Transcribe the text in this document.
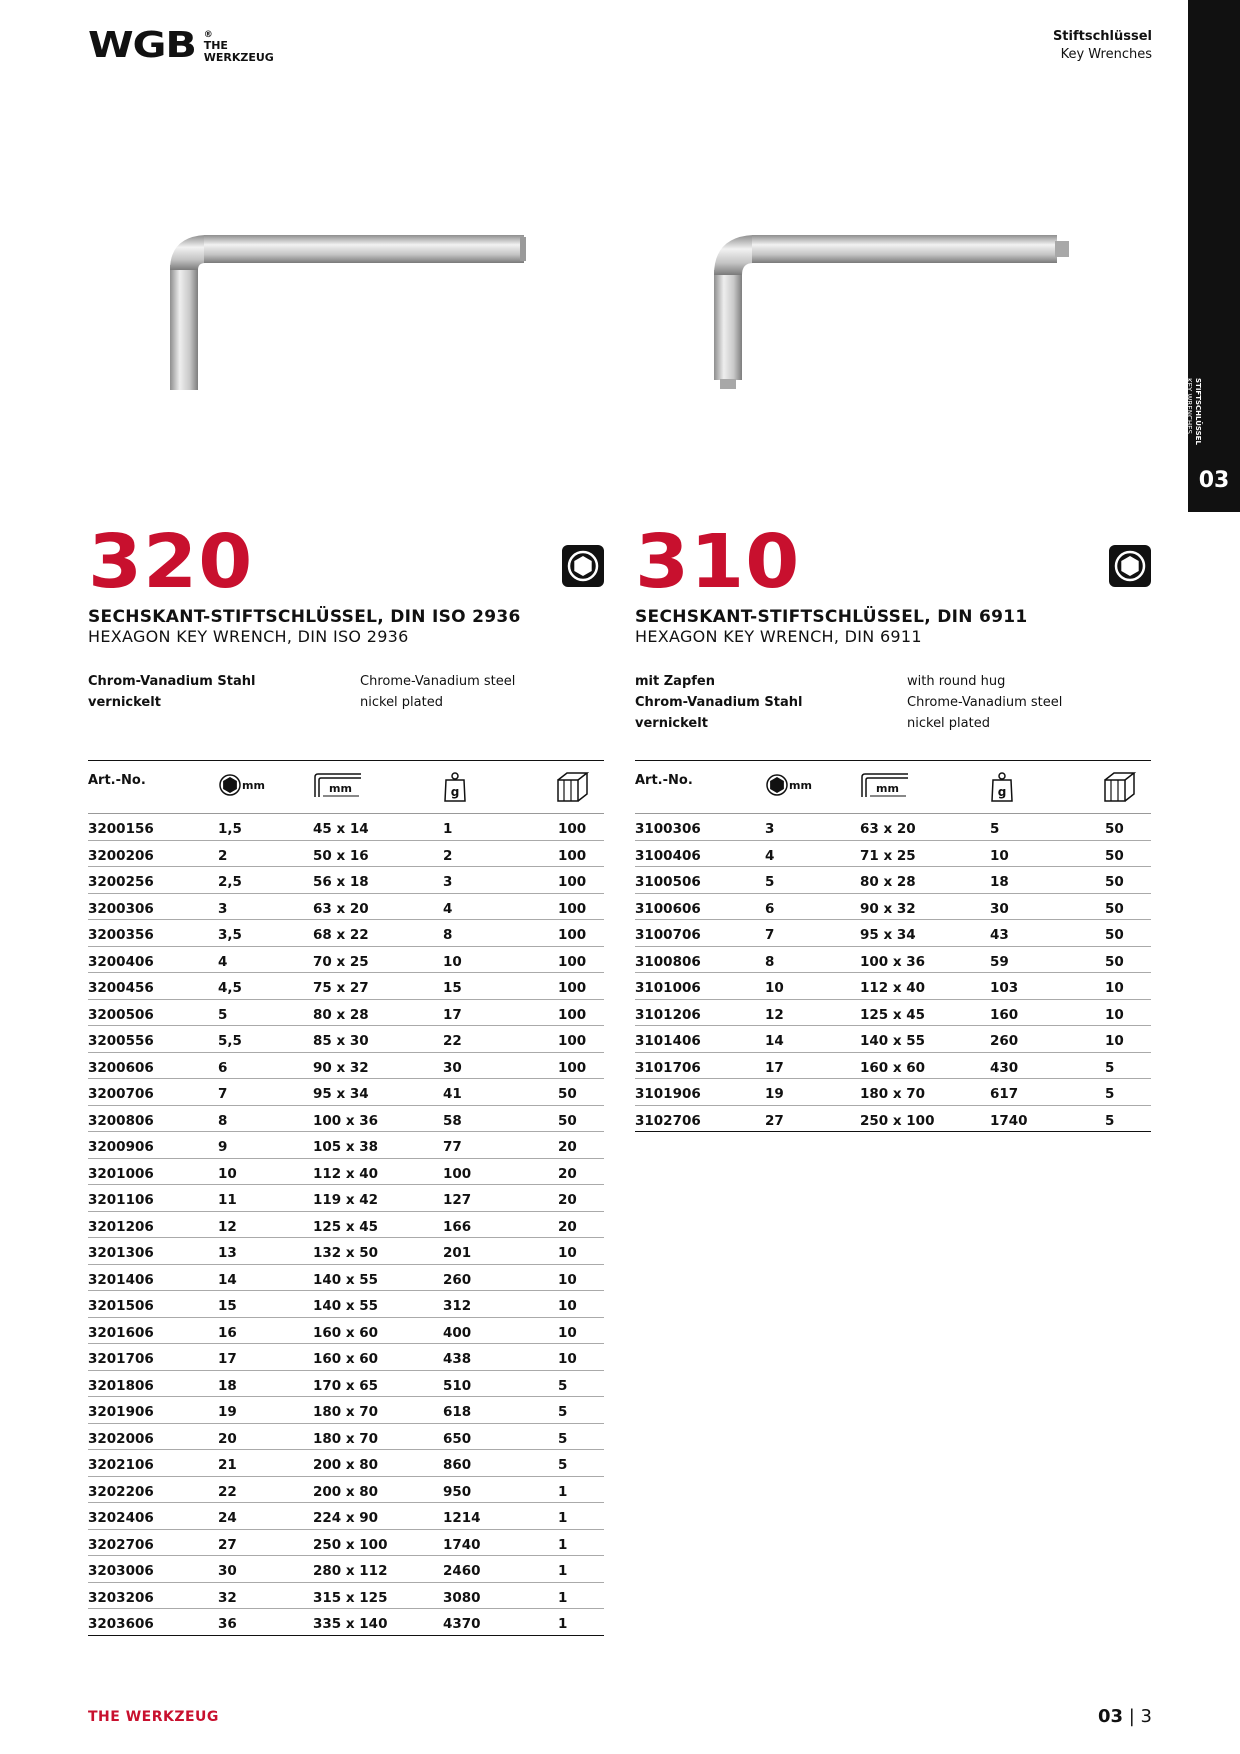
WGB ®
THE
WERKZEUG
Stiftschlüssel
Key Wrenches
STIFTSCHLÜSSEL
KEY WRENCHES
03
320
SECHSKANT-STIFTSCHLÜSSEL, DIN ISO 2936
HEXAGON KEY WRENCH, DIN ISO 2936
Chrom-Vanadium Stahl
vernickelt
Chrome-Vanadium steel
nickel plated
310
SECHSKANT-STIFTSCHLÜSSEL, DIN 6911
HEXAGON KEY WRENCH, DIN 6911
mit Zapfen
Chrom-Vanadium Stahl
vernickelt
with round hug
Chrome-Vanadium steel
nickel plated
Art.-No.	mm	mm	g
3200156	1,5	45 x 14	1	100
3200206	2	50 x 16	2	100
3200256	2,5	56 x 18	3	100
3200306	3	63 x 20	4	100
3200356	3,5	68 x 22	8	100
3200406	4	70 x 25	10	100
3200456	4,5	75 x 27	15	100
3200506	5	80 x 28	17	100
3200556	5,5	85 x 30	22	100
3200606	6	90 x 32	30	100
3200706	7	95 x 34	41	50
3200806	8	100 x 36	58	50
3200906	9	105 x 38	77	20
3201006	10	112 x 40	100	20
3201106	11	119 x 42	127	20
3201206	12	125 x 45	166	20
3201306	13	132 x 50	201	10
3201406	14	140 x 55	260	10
3201506	15	140 x 55	312	10
3201606	16	160 x 60	400	10
3201706	17	160 x 60	438	10
3201806	18	170 x 65	510	5
3201906	19	180 x 70	618	5
3202006	20	180 x 70	650	5
3202106	21	200 x 80	860	5
3202206	22	200 x 80	950	1
3202406	24	224 x 90	1214	1
3202706	27	250 x 100	1740	1
3203006	30	280 x 112	2460	1
3203206	32	315 x 125	3080	1
3203606	36	335 x 140	4370	1
Art.-No.	mm	mm	g
3100306	3	63 x 20	5	50
3100406	4	71 x 25	10	50
3100506	5	80 x 28	18	50
3100606	6	90 x 32	30	50
3100706	7	95 x 34	43	50
3100806	8	100 x 36	59	50
3101006	10	112 x 40	103	10
3101206	12	125 x 45	160	10
3101406	14	140 x 55	260	10
3101706	17	160 x 60	430	5
3101906	19	180 x 70	617	5
3102706	27	250 x 100	1740	5
THE WERKZEUG	03 | 3
